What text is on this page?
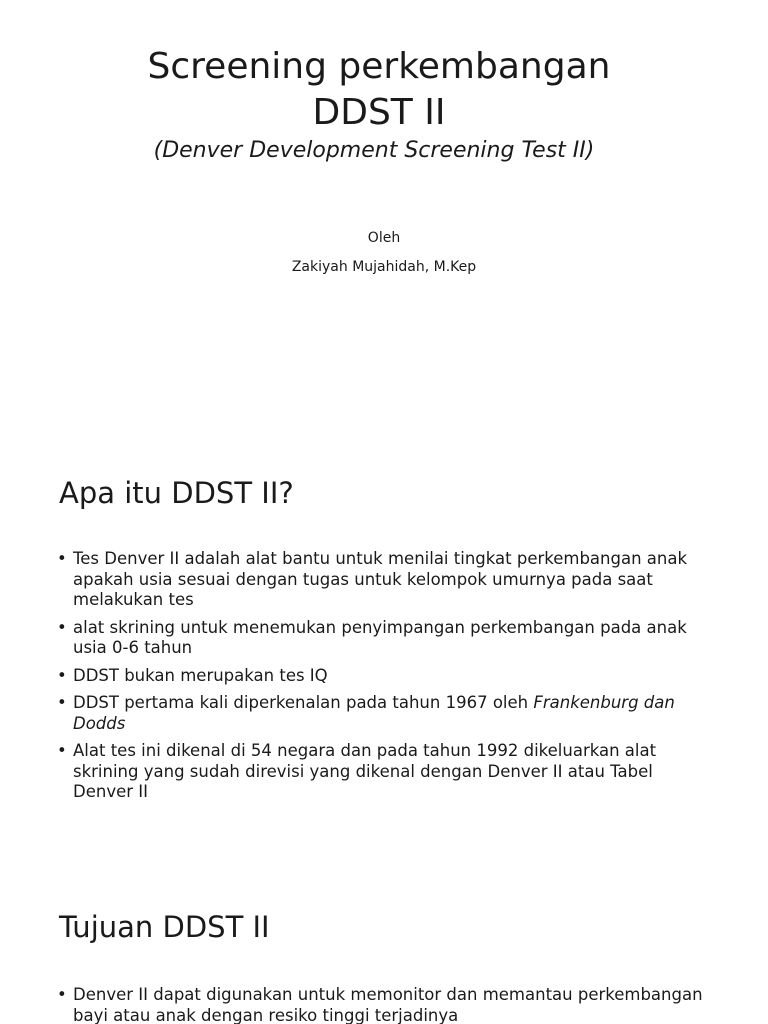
Screening perkembangan
DDST II

(Denver Development Screening Test II)

Oleh

Zakiyah Mujahidah, M.Kep

Apa itu DDST II?
• Tes Denver II adalah alat bantu untuk menilai tingkat perkembangan anak apakah usia sesuai dengan tugas untuk kelompok umurnya pada saat melakukan tes
• alat skrining untuk menemukan penyimpangan perkembangan pada anak usia 0-6 tahun
• DDST bukan merupakan tes IQ
• DDST pertama kali diperkenalan pada tahun 1967 oleh Frankenburg dan Dodds
• Alat tes ini dikenal di 54 negara dan pada tahun 1992 dikeluarkan alat skrining yang sudah direvisi yang dikenal dengan Denver II atau Tabel Denver II
Tujuan DDST II
• Denver II dapat digunakan untuk memonitor dan memantau perkembangan bayi atau anak dengan resiko tinggi terjadinya
